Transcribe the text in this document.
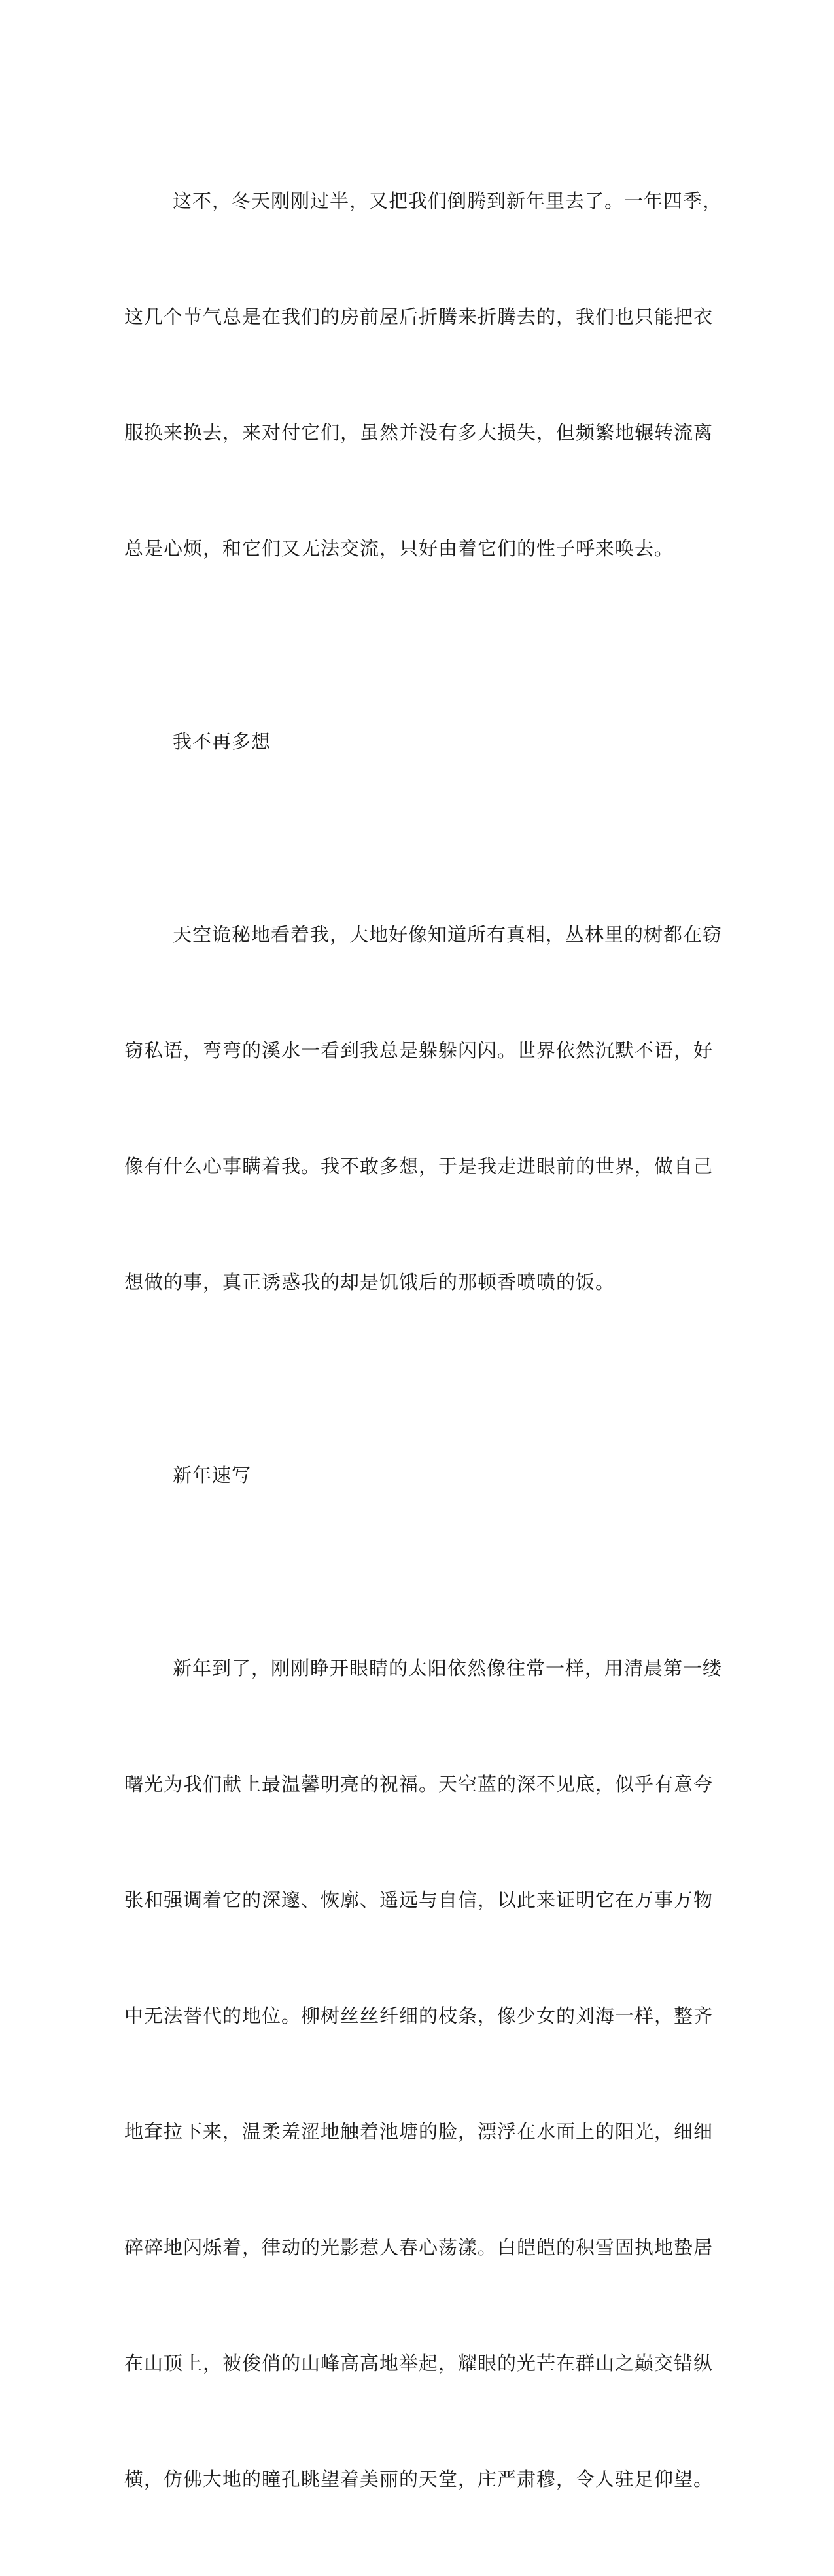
这不，冬天刚刚过半，又把我们倒腾到新年里去了。一年四季，

这几个节气总是在我们的房前屋后折腾来折腾去的，我们也只能把衣

服换来换去，来对付它们，虽然并没有多大损失，但频繁地辗转流离

总是心烦，和它们又无法交流，只好由着它们的性子呼来唤去。

我不再多想

天空诡秘地看着我，大地好像知道所有真相，丛林里的树都在窃

窃私语，弯弯的溪水一看到我总是躲躲闪闪。世界依然沉默不语，好

像有什么心事瞒着我。我不敢多想，于是我走进眼前的世界，做自己

想做的事，真正诱惑我的却是饥饿后的那顿香喷喷的饭。

新年速写

新年到了，刚刚睁开眼睛的太阳依然像往常一样，用清晨第一缕

曙光为我们献上最温馨明亮的祝福。天空蓝的深不见底，似乎有意夸

张和强调着它的深邃、恢廓、遥远与自信，以此来证明它在万事万物

中无法替代的地位。柳树丝丝纤细的枝条，像少女的刘海一样，整齐

地耷拉下来，温柔羞涩地触着池塘的脸，漂浮在水面上的阳光，细细

碎碎地闪烁着，律动的光影惹人春心荡漾。白皑皑的积雪固执地蛰居

在山顶上，被俊俏的山峰高高地举起，耀眼的光芒在群山之巅交错纵

横，仿佛大地的瞳孔眺望着美丽的天堂，庄严肃穆，令人驻足仰望。
